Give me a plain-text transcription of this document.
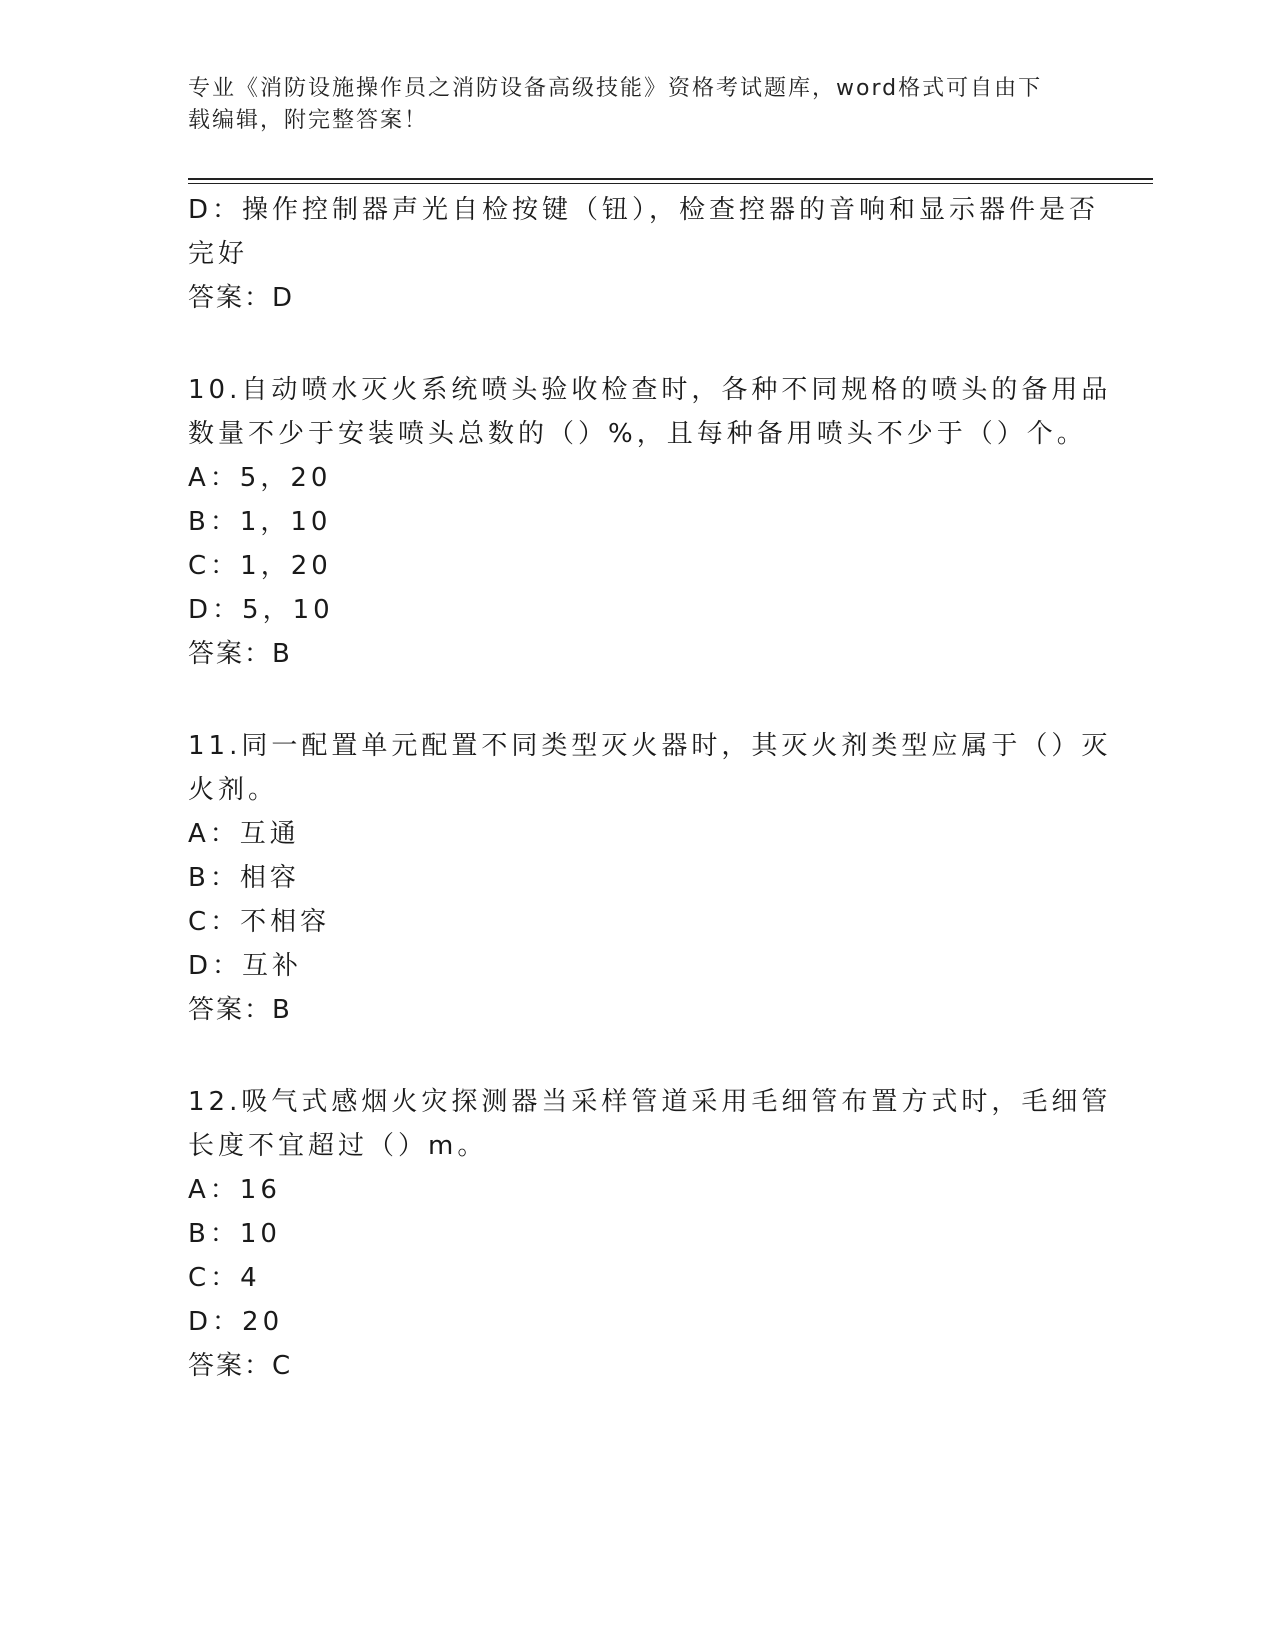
专业《消防设施操作员之消防设备高级技能》资格考试题库，word格式可自由下
载编辑，附完整答案！
D：操作控制器声光自检按键（钮），检查控器的音响和显示器件是否
完好
答案：D
10.自动喷水灭火系统喷头验收检查时，各种不同规格的喷头的备用品
数量不少于安装喷头总数的（）%，且每种备用喷头不少于（）个。
A：5，20
B：1，10
C：1，20
D：5，10
答案：B
11.同一配置单元配置不同类型灭火器时，其灭火剂类型应属于（）灭
火剂。
A：互通
B：相容
C：不相容
D：互补
答案：B
12.吸气式感烟火灾探测器当采样管道采用毛细管布置方式时，毛细管
长度不宜超过（）m。
A：16
B：10
C：4
D：20
答案：C
